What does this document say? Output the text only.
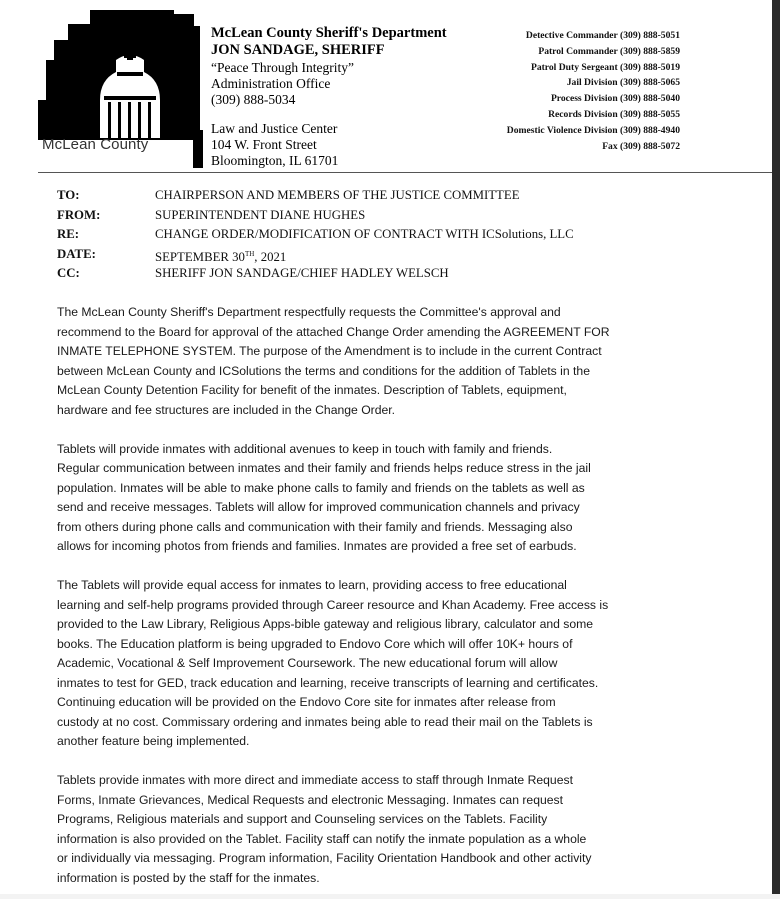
McLean County
McLean County Sheriff's Department
JON SANDAGE, SHERIFF
“Peace Through Integrity”
Administration Office
(309) 888-5034
Law and Justice Center
104 W. Front Street
Bloomington, IL 61701
Detective Commander (309) 888-5051
Patrol Commander (309) 888-5859
Patrol Duty Sergeant (309) 888-5019
Jail Division (309) 888-5065
Process Division (309) 888-5040
Records Division (309) 888-5055
Domestic Violence Division (309) 888-4940
Fax (309) 888-5072
TO:	CHAIRPERSON AND MEMBERS OF THE JUSTICE COMMITTEE
FROM:	SUPERINTENDENT DIANE HUGHES
RE:	CHANGE ORDER/MODIFICATION OF CONTRACT WITH ICSolutions, LLC
DATE:	SEPTEMBER 30TH, 2021
CC:	SHERIFF JON SANDAGE/CHIEF HADLEY WELSCH
The McLean County Sheriff's Department respectfully requests the Committee's approval and
recommend to the Board for approval of the attached Change Order amending the AGREEMENT FOR
INMATE TELEPHONE SYSTEM. The purpose of the Amendment is to include in the current Contract
between McLean County and ICSolutions the terms and conditions for the addition of Tablets in the
McLean County Detention Facility for benefit of the inmates. Description of Tablets, equipment,
hardware and fee structures are included in the Change Order.
Tablets will provide inmates with additional avenues to keep in touch with family and friends.
Regular communication between inmates and their family and friends helps reduce stress in the jail
population. Inmates will be able to make phone calls to family and friends on the tablets as well as
send and receive messages. Tablets will allow for improved communication channels and privacy
from others during phone calls and communication with their family and friends. Messaging also
allows for incoming photos from friends and families. Inmates are provided a free set of earbuds.
The Tablets will provide equal access for inmates to learn, providing access to free educational
learning and self-help programs provided through Career resource and Khan Academy. Free access is
provided to the Law Library, Religious Apps-bible gateway and religious library, calculator and some
books. The Education platform is being upgraded to Endovo Core which will offer 10K+ hours of
Academic, Vocational & Self Improvement Coursework. The new educational forum will allow
inmates to test for GED, track education and learning, receive transcripts of learning and certificates.
Continuing education will be provided on the Endovo Core site for inmates after release from
custody at no cost. Commissary ordering and inmates being able to read their mail on the Tablets is
another feature being implemented.
Tablets provide inmates with more direct and immediate access to staff through Inmate Request
Forms, Inmate Grievances, Medical Requests and electronic Messaging. Inmates can request
Programs, Religious materials and support and Counseling services on the Tablets. Facility
information is also provided on the Tablet. Facility staff can notify the inmate population as a whole
or individually via messaging. Program information, Facility Orientation Handbook and other activity
information is posted by the staff for the inmates.
